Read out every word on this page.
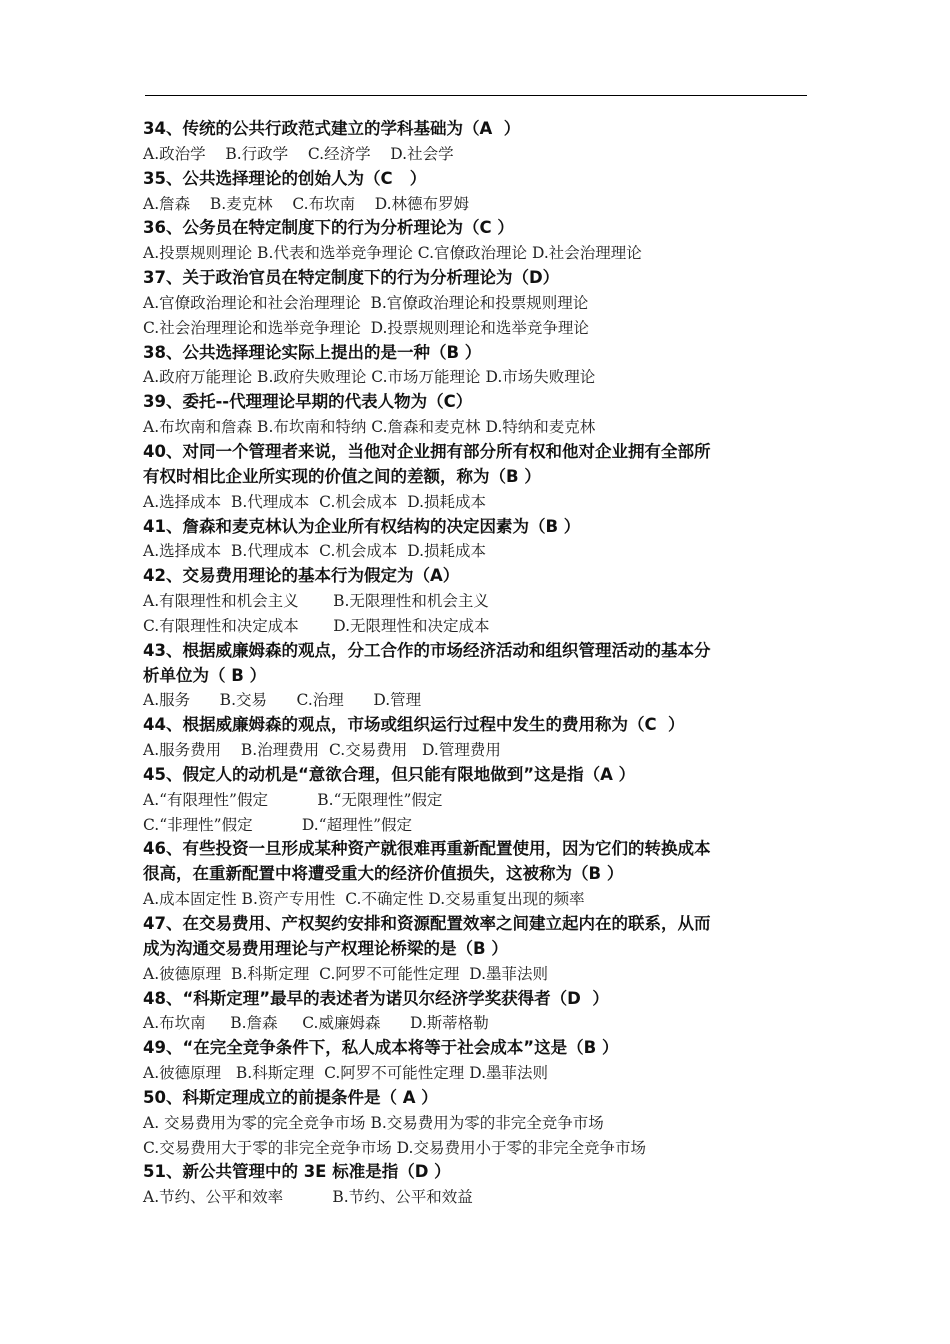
34、传统的公共行政范式建立的学科基础为（A  ）
A.政治学    B.行政学    C.经济学    D.社会学
35、公共选择理论的创始人为（C   ）
A.詹森    B.麦克林    C.布坎南    D.林德布罗姆
36、公务员在特定制度下的行为分析理论为（C ）
A.投票规则理论 B.代表和选举竞争理论 C.官僚政治理论 D.社会治理理论
37、关于政治官员在特定制度下的行为分析理论为（D）
A.官僚政治理论和社会治理理论  B.官僚政治理论和投票规则理论
C.社会治理理论和选举竞争理论  D.投票规则理论和选举竞争理论
38、公共选择理论实际上提出的是一种（B ）
A.政府万能理论 B.政府失败理论 C.市场万能理论 D.市场失败理论
39、委托--代理理论早期的代表人物为（C）
A.布坎南和詹森 B.布坎南和特纳 C.詹森和麦克林 D.特纳和麦克林
40、对同一个管理者来说，当他对企业拥有部分所有权和他对企业拥有全部所
有权时相比企业所实现的价值之间的差额，称为（B ）
A.选择成本  B.代理成本  C.机会成本  D.损耗成本
41、詹森和麦克林认为企业所有权结构的决定因素为（B ）
A.选择成本  B.代理成本  C.机会成本  D.损耗成本
42、交易费用理论的基本行为假定为（A）
A.有限理性和机会主义       B.无限理性和机会主义
C.有限理性和决定成本       D.无限理性和决定成本
43、根据威廉姆森的观点，分工合作的市场经济活动和组织管理活动的基本分
析单位为（ B ）
A.服务      B.交易      C.治理      D.管理
44、根据威廉姆森的观点，市场或组织运行过程中发生的费用称为（C  ）
A.服务费用    B.治理费用  C.交易费用   D.管理费用
45、假定人的动机是“意欲合理，但只能有限地做到”这是指（A ）
A.“有限理性”假定          B.“无限理性”假定
C.“非理性”假定          D.“超理性”假定
46、有些投资一旦形成某种资产就很难再重新配置使用，因为它们的转换成本
很高，在重新配置中将遭受重大的经济价值损失，这被称为（B ）
A.成本固定性 B.资产专用性  C.不确定性 D.交易重复出现的频率
47、在交易费用、产权契约安排和资源配置效率之间建立起内在的联系，从而
成为沟通交易费用理论与产权理论桥梁的是（B ）
A.彼德原理  B.科斯定理  C.阿罗不可能性定理  D.墨菲法则
48、“科斯定理”最早的表述者为诺贝尔经济学奖获得者（D  ）
A.布坎南     B.詹森     C.威廉姆森      D.斯蒂格勒
49、“在完全竞争条件下，私人成本将等于社会成本”这是（B ）
A.彼德原理   B.科斯定理  C.阿罗不可能性定理 D.墨菲法则
50、科斯定理成立的前提条件是（ A ）
A. 交易费用为零的完全竞争市场 B.交易费用为零的非完全竞争市场
C.交易费用大于零的非完全竞争市场 D.交易费用小于零的非完全竞争市场
51、新公共管理中的 3E 标准是指（D ）
A.节约、公平和效率          B.节约、公平和效益
